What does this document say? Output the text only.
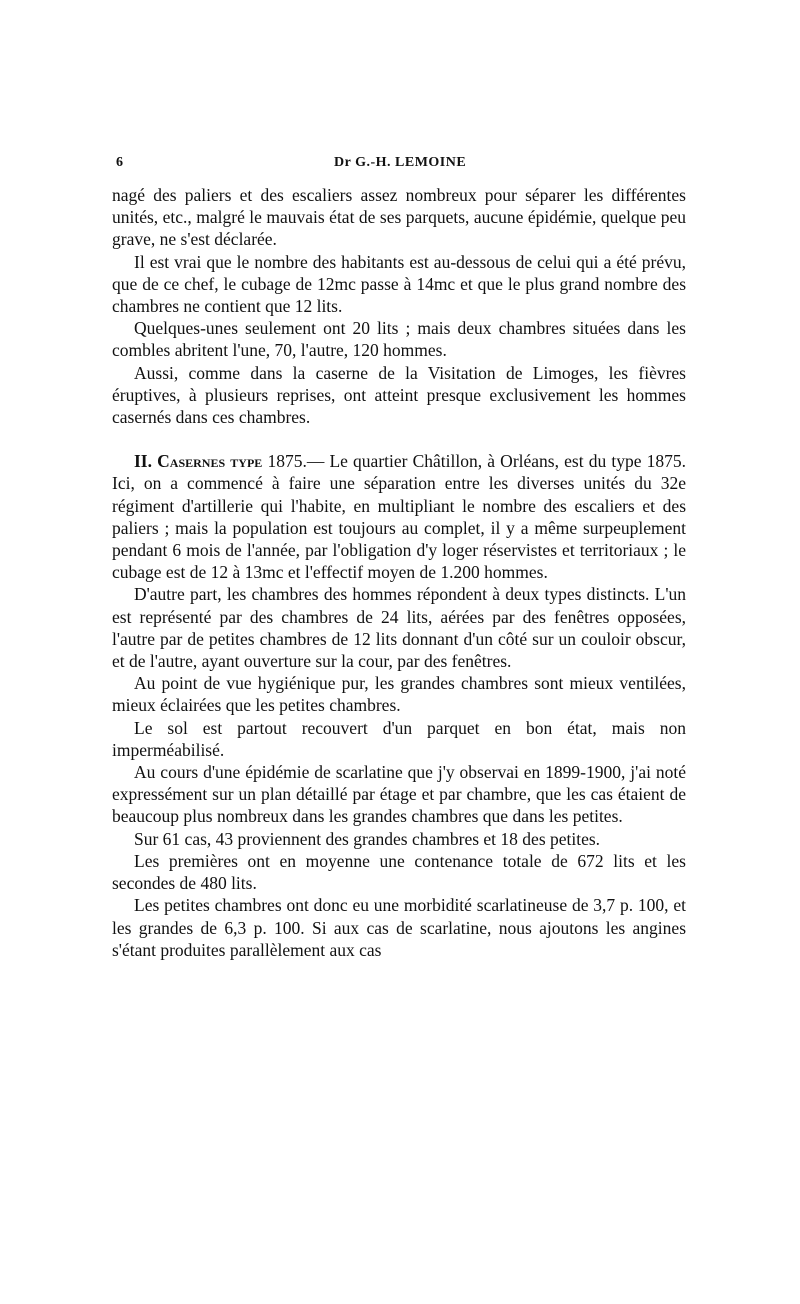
6	Dr G.-H. LEMOINE

nagé des paliers et des escaliers assez nombreux pour séparer les différentes unités, etc., malgré le mauvais état de ses parquets, aucune épidémie, quelque peu grave, ne s'est déclarée.

Il est vrai que le nombre des habitants est au-dessous de celui qui a été prévu, que de ce chef, le cubage de 12mc passe à 14mc et que le plus grand nombre des chambres ne contient que 12 lits.

Quelques-unes seulement ont 20 lits ; mais deux chambres situées dans les combles abritent l'une, 70, l'autre, 120 hommes.

Aussi, comme dans la caserne de la Visitation de Limoges, les fièvres éruptives, à plusieurs reprises, ont atteint presque exclusivement les hommes casernés dans ces chambres.

II. Casernes type 1875.— Le quartier Châtillon, à Orléans, est du type 1875. Ici, on a commencé à faire une séparation entre les diverses unités du 32e régiment d'artillerie qui l'habite, en multipliant le nombre des escaliers et des paliers ; mais la population est toujours au complet, il y a même surpeuplement pendant 6 mois de l'année, par l'obligation d'y loger réservistes et territoriaux ; le cubage est de 12 à 13mc et l'effectif moyen de 1.200 hommes.

D'autre part, les chambres des hommes répondent à deux types distincts. L'un est représenté par des chambres de 24 lits, aérées par des fenêtres opposées, l'autre par de petites chambres de 12 lits donnant d'un côté sur un couloir obscur, et de l'autre, ayant ouverture sur la cour, par des fenêtres.

Au point de vue hygiénique pur, les grandes chambres sont mieux ventilées, mieux éclairées que les petites chambres.

Le sol est partout recouvert d'un parquet en bon état, mais non imperméabilisé.

Au cours d'une épidémie de scarlatine que j'y observai en 1899-1900, j'ai noté expressément sur un plan détaillé par étage et par chambre, que les cas étaient de beaucoup plus nombreux dans les grandes chambres que dans les petites.

Sur 61 cas, 43 proviennent des grandes chambres et 18 des petites.

Les premières ont en moyenne une contenance totale de 672 lits et les secondes de 480 lits.

Les petites chambres ont donc eu une morbidité scarlatineuse de 3,7 p. 100, et les grandes de 6,3 p. 100. Si aux cas de scarlatine, nous ajoutons les angines s'étant produites parallèlement aux cas
